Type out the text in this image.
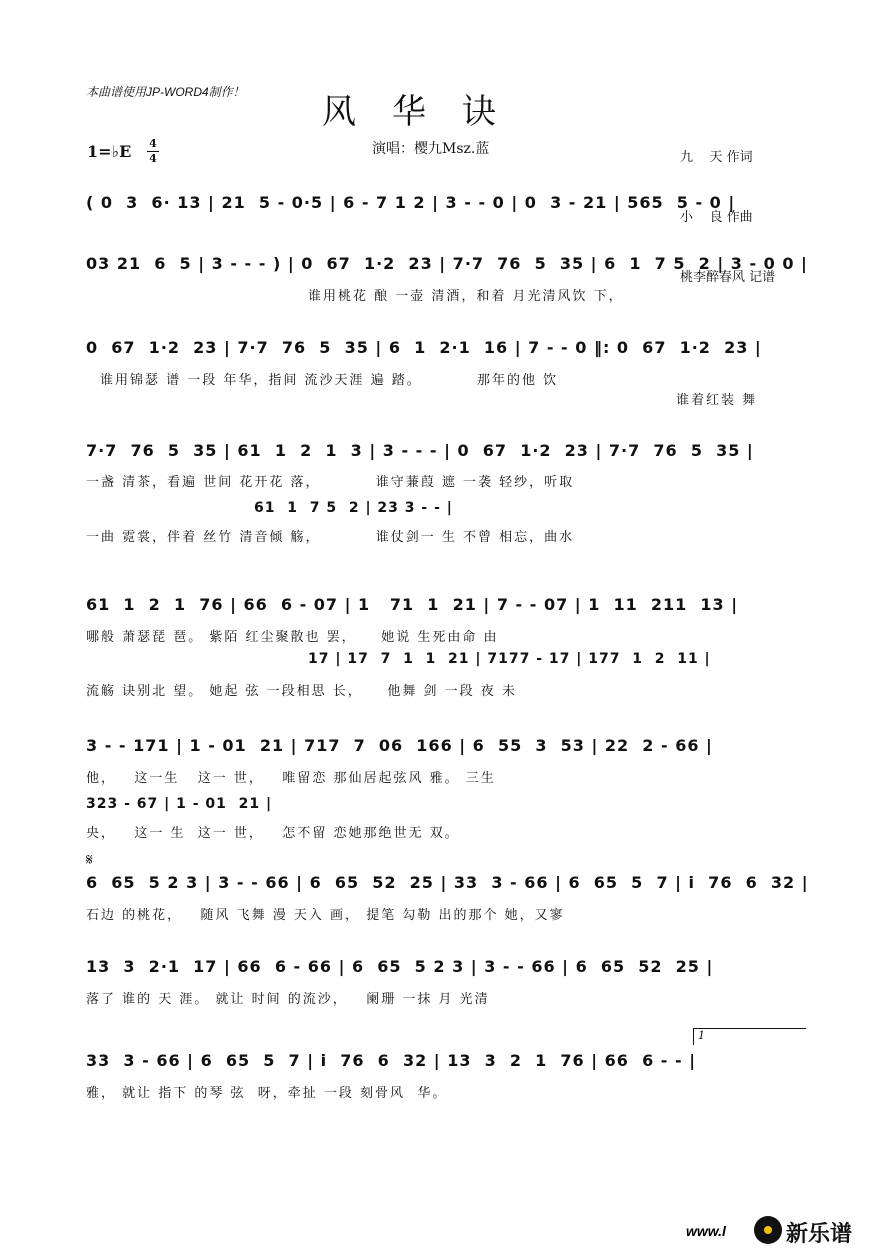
本曲谱使用JP-WORD4制作！ 风华诀
1=♭E 4
4
演唱：樱九Msz.蓝

九    天 作词

小    良 作曲

桃李醉春风 记谱

( 0  3  6· 13 | 21  5 - 0·5 | 6 - 7 1 2 | 3 - - 0 | 0  3 - 21 | 565  5 - 0 |
03 21  6  5 | 3 - - - ) | 0  67  1·2  23 | 7·7  76  5  35 | 6  1  7 5  2 | 3 - 0 0 |
谁用桃花 酿 一壶 清酒，和着 月光清风饮 下，
0  67  1·2  23 | 7·7  76  5  35 | 6  1  2·1  16 | 7 - - 0 ‖: 0  67  1·2  23 |
谁用锦瑟 谱 一段 年华，指间 流沙天涯 遍 踏。         那年的他 饮
谁着红装 舞
7·7  76  5  35 | 61  1  2  1  3 | 3 - - - | 0  67  1·2  23 | 7·7  76  5  35 |
一盏 清茶，看遍 世间 花开花 落，         谁守蒹葭 遮 一袭 轻纱，听取
61  1  7 5  2 | 23 3 - - |
一曲 霓裳，伴着 丝竹 清音倾 觞，         谁仗剑一 生 不曾 相忘，曲水
61  1  2  1  76 | 66  6 - 07 | 1   71  1  21 | 7 - - 07 | 1  11  211  13 |
哪般 萧瑟琵 琶。 紫陌 红尘聚散也 罢，    她说 生死由命 由
17 | 17  7  1  1  21 | 7177 - 17 | 177  1  2  11 |
流觞 诀别北 望。 她起 弦 一段相思 长，    他舞 剑 一段 夜 未
3 - - 171 | 1 - 01  21 | 717  7  06  166 | 6  55  3  53 | 22  2 - 66 |
他，   这一生   这一 世，   唯留恋 那仙居起弦风 雅。 三生
323 - 67 | 1 - 01  21 |
央，   这一 生  这一 世，   怎不留 恋她那绝世无 双。
𝄋
6  65  5 2 3 | 3 - - 66 | 6  65  52  25 | 33  3 - 66 | 6  65  5  7 | i  76  6  32 |
石边 的桃花，   随风 飞舞 漫 天入 画， 提笔 勾勒 出的那个 她，又寥
13  3  2·1  17 | 66  6 - 66 | 6  65  5 2 3 | 3 - - 66 | 6  65  52  25 |
落了 谁的 天 涯。 就让 时间 的流沙，   阑珊 一抹 月 光清
1
33  3 - 66 | 6  65  5  7 | i  76  6  32 | 13  3  2  1  76 | 66  6 - - |
雅， 就让 指下 的琴 弦  呀，牵扯 一段 刻骨风  华。
www.l	新乐谱
